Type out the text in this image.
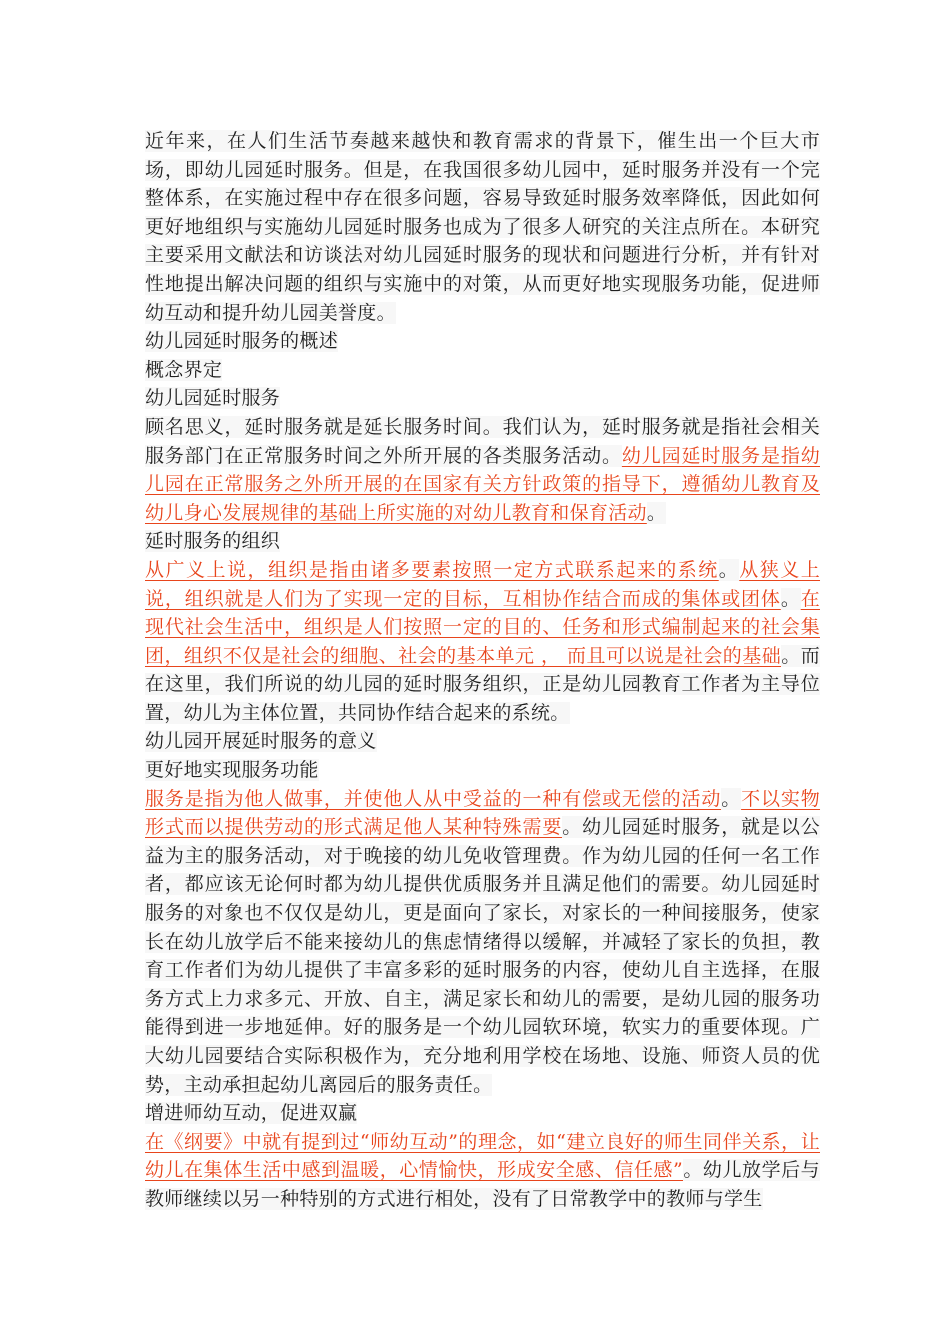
近年来，在人们生活节奏越来越快和教育需求的背景下，催生出一个巨大市场，即幼儿园延时服务。但是，在我国很多幼儿园中，延时服务并没有一个完整体系，在实施过程中存在很多问题，容易导致延时服务效率降低，因此如何更好地组织与实施幼儿园延时服务也成为了很多人研究的关注点所在。本研究主要采用文献法和访谈法对幼儿园延时服务的现状和问题进行分析，并有针对性地提出解决问题的组织与实施中的对策，从而更好地实现服务功能，促进师幼互动和提升幼儿园美誉度。

幼儿园延时服务的概述

概念界定

幼儿园延时服务

顾名思义，延时服务就是延长服务时间。我们认为，延时服务就是指社会相关服务部门在正常服务时间之外所开展的各类服务活动。幼儿园延时服务是指幼儿园在正常服务之外所开展的在国家有关方针政策的指导下，遵循幼儿教育及幼儿身心发展规律的基础上所实施的对幼儿教育和保育活动。

延时服务的组织

从广义上说，组织是指由诸多要素按照一定方式联系起来的系统。从狭义上说，组织就是人们为了实现一定的目标，互相协作结合而成的集体或团体。在现代社会生活中，组织是人们按照一定的目的、任务和形式编制起来的社会集团，组织不仅是社会的细胞、社会的基本单元 ， 而且可以说是社会的基础。而在这里，我们所说的幼儿园的延时服务组织，正是幼儿园教育工作者为主导位置，幼儿为主体位置，共同协作结合起来的系统。

幼儿园开展延时服务的意义

更好地实现服务功能

服务是指为他人做事，并使他人从中受益的一种有偿或无偿的活动。不以实物形式而以提供劳动的形式满足他人某种特殊需要。幼儿园延时服务，就是以公益为主的服务活动，对于晚接的幼儿免收管理费。作为幼儿园的任何一名工作者，都应该无论何时都为幼儿提供优质服务并且满足他们的需要。幼儿园延时服务的对象也不仅仅是幼儿，更是面向了家长，对家长的一种间接服务，使家长在幼儿放学后不能来接幼儿的焦虑情绪得以缓解，并减轻了家长的负担，教育工作者们为幼儿提供了丰富多彩的延时服务的内容，使幼儿自主选择，在服务方式上力求多元、开放、自主，满足家长和幼儿的需要，是幼儿园的服务功能得到进一步地延伸。好的服务是一个幼儿园软环境，软实力的重要体现。广大幼儿园要结合实际积极作为，充分地利用学校在场地、设施、师资人员的优势，主动承担起幼儿离园后的服务责任。

增进师幼互动，促进双赢

在《纲要》中就有提到过“师幼互动”的理念，如“建立良好的师生同伴关系，让幼儿在集体生活中感到温暖，心情愉快，形成安全感、信任感”。幼儿放学后与教师继续以另一种特别的方式进行相处，没有了日常教学中的教师与学生
